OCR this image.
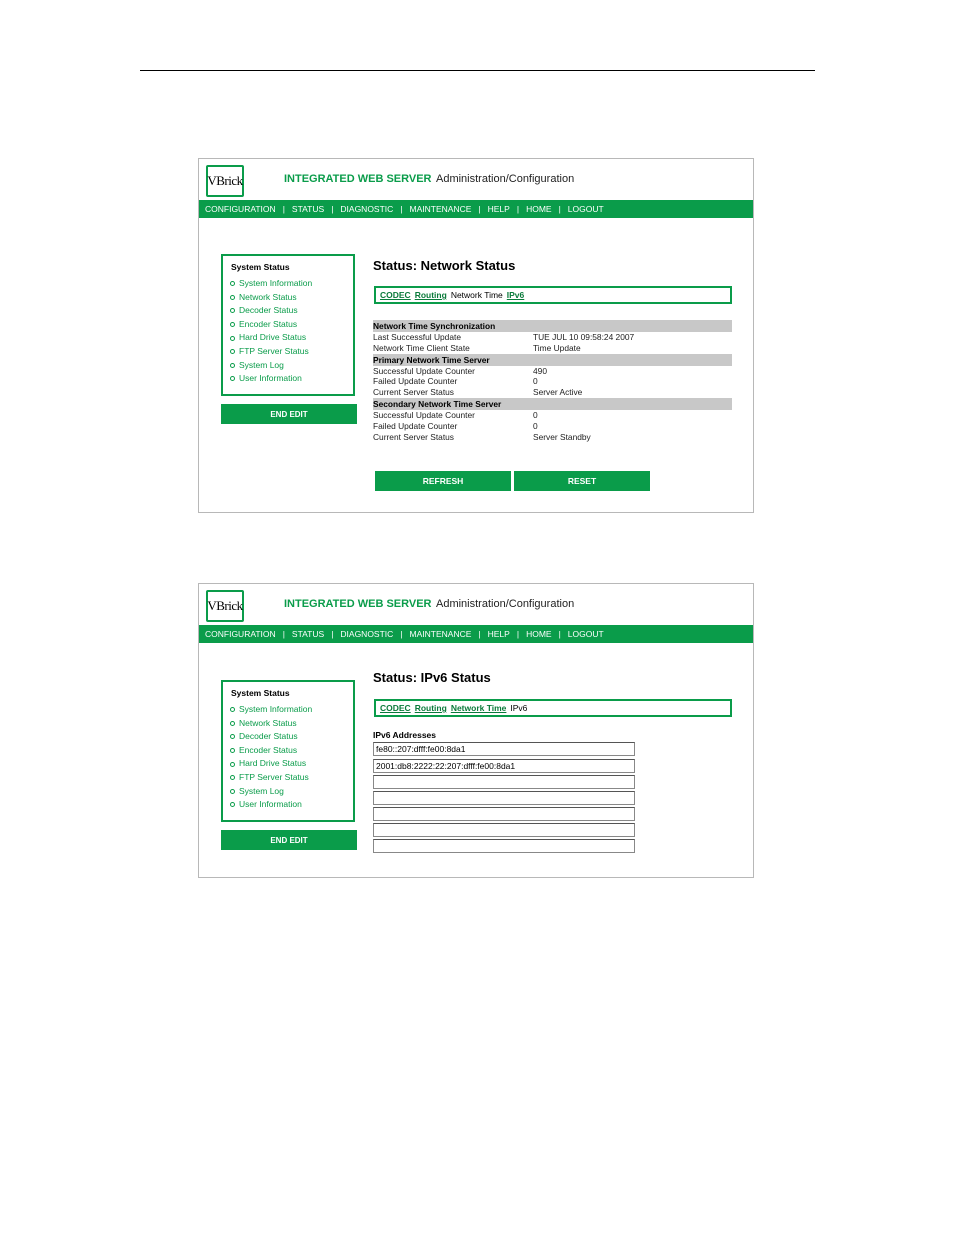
VBrick	INTEGRATED WEB SERVER Administration/Configuration
CONFIGURATION | STATUS | DIAGNOSTIC | MAINTENANCE | HELP | HOME | LOGOUT
System Status
System Information
Network Status
Decoder Status
Encoder Status
Hard Drive Status
FTP Server Status
System Log
User Information
END EDIT
Status: Network Status
CODEC Routing Network Time IPv6
Network Time Synchronization
Last Successful Update	TUE JUL 10 09:58:24 2007
Network Time Client State	Time Update
Primary Network Time Server
Successful Update Counter	490
Failed Update Counter	0
Current Server Status	Server Active
Secondary Network Time Server
Successful Update Counter	0
Failed Update Counter	0
Current Server Status	Server Standby
REFRESH	RESET
VBrick	INTEGRATED WEB SERVER Administration/Configuration
CONFIGURATION | STATUS | DIAGNOSTIC | MAINTENANCE | HELP | HOME | LOGOUT
System Status
System Information
Network Status
Decoder Status
Encoder Status
Hard Drive Status
FTP Server Status
System Log
User Information
END EDIT
Status: IPv6 Status
CODEC Routing Network Time IPv6
IPv6 Addresses
fe80::207:dfff:fe00:8da1
2001:db8:2222:22:207:dfff:fe00:8da1
